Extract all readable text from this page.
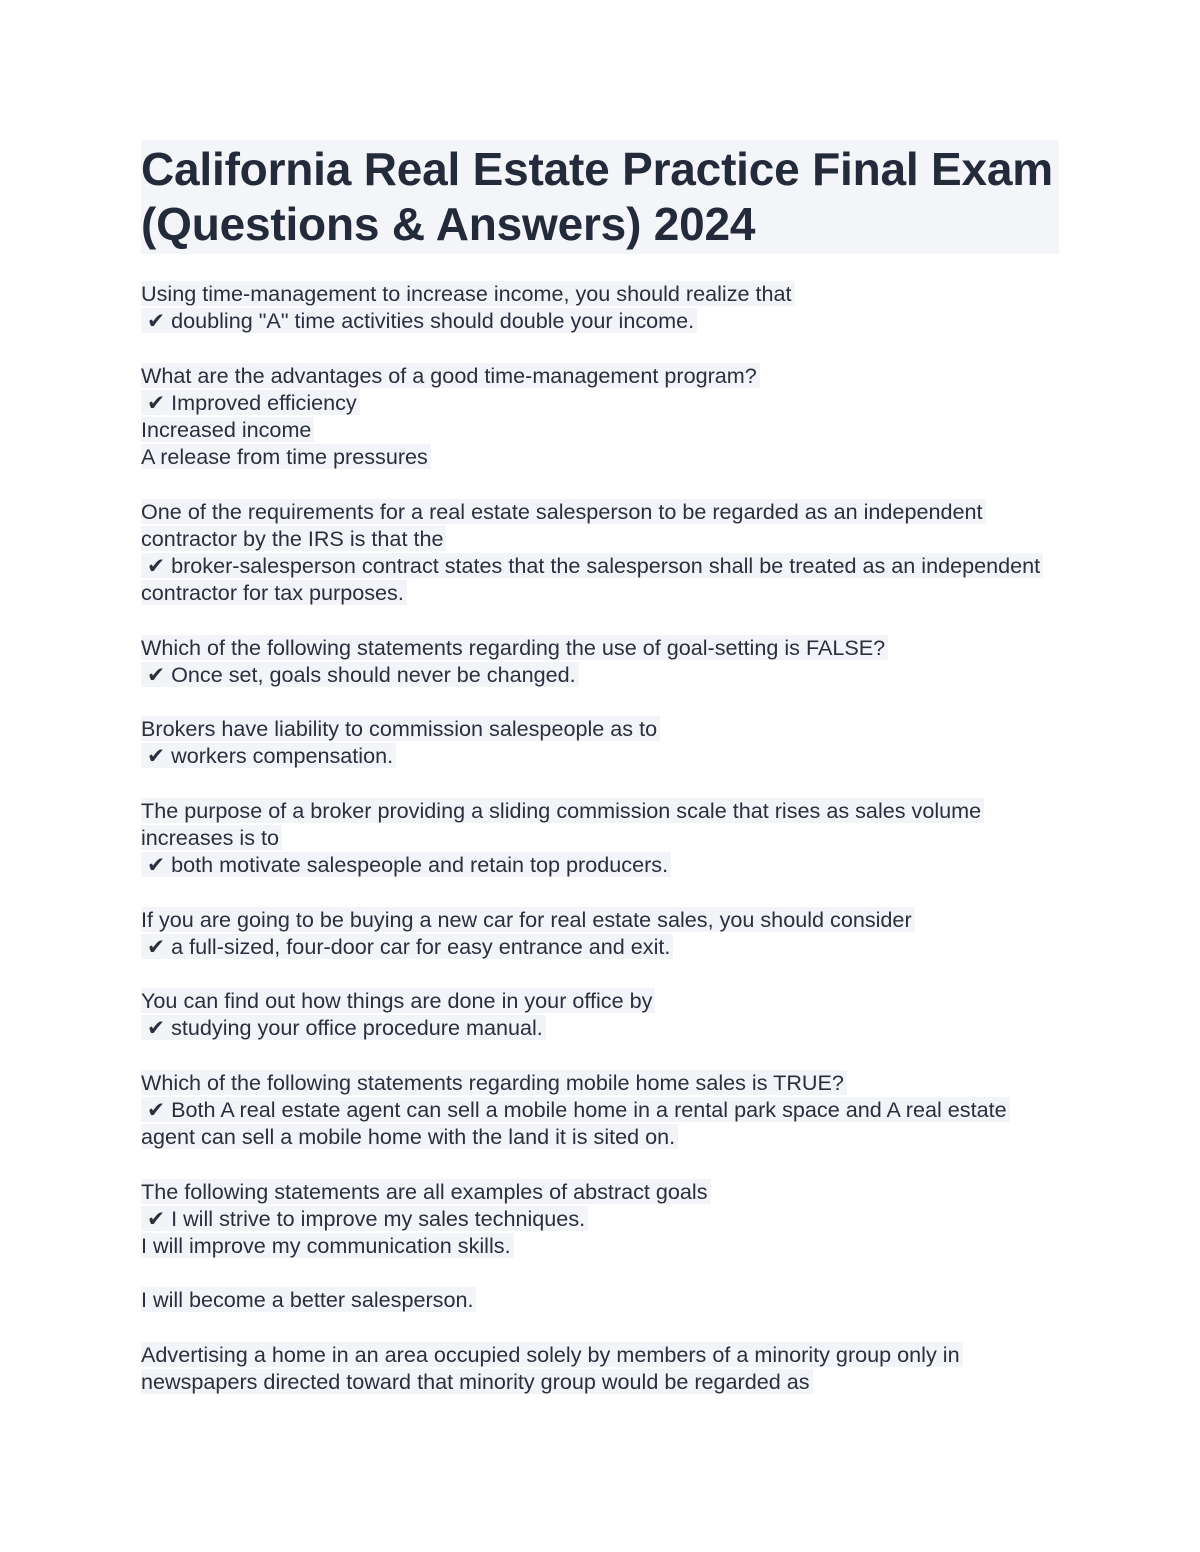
California Real Estate Practice Final Exam (Questions & Answers) 2024
Using time-management to increase income, you should realize that
✔ doubling "A" time activities should double your income.
What are the advantages of a good time-management program?
✔ Improved efficiency
Increased income
A release from time pressures
One of the requirements for a real estate salesperson to be regarded as an independent contractor by the IRS is that the
✔ broker-salesperson contract states that the salesperson shall be treated as an independent contractor for tax purposes.
Which of the following statements regarding the use of goal-setting is FALSE?
✔ Once set, goals should never be changed.
Brokers have liability to commission salespeople as to
✔ workers compensation.
The purpose of a broker providing a sliding commission scale that rises as sales volume increases is to
✔ both motivate salespeople and retain top producers.
If you are going to be buying a new car for real estate sales, you should consider
✔ a full-sized, four-door car for easy entrance and exit.
You can find out how things are done in your office by
✔ studying your office procedure manual.
Which of the following statements regarding mobile home sales is TRUE?
✔ Both A real estate agent can sell a mobile home in a rental park space and A real estate agent can sell a mobile home with the land it is sited on.
The following statements are all examples of abstract goals
✔ I will strive to improve my sales techniques.
I will improve my communication skills.
I will become a better salesperson.
Advertising a home in an area occupied solely by members of a minority group only in newspapers directed toward that minority group would be regarded as
